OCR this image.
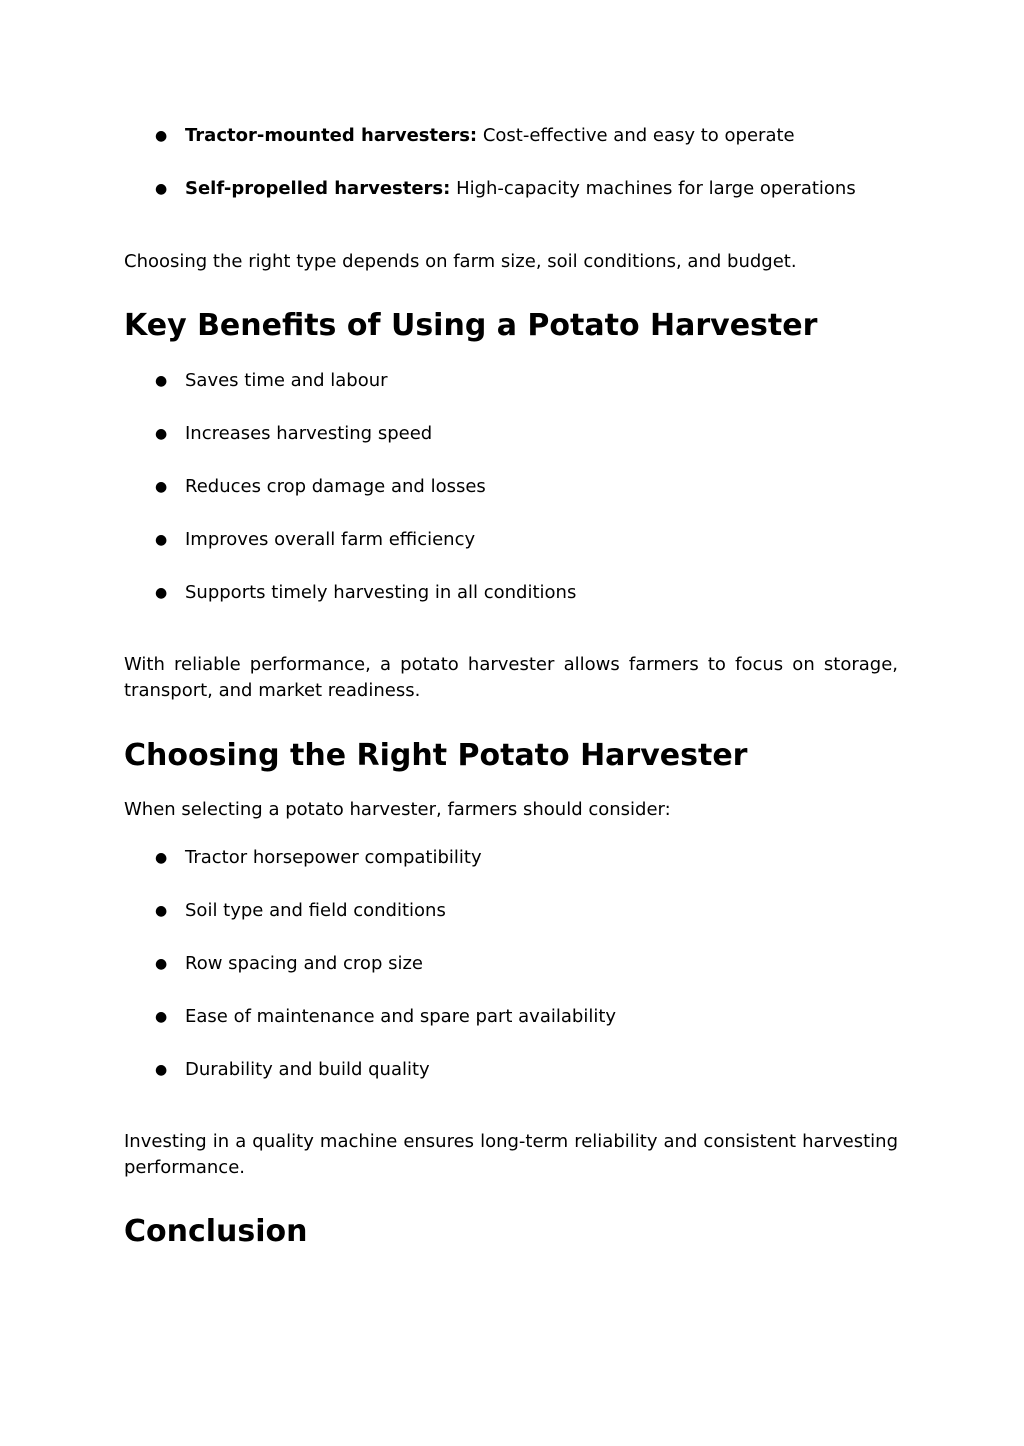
● Tractor-mounted harvesters: Cost-effective and easy to operate
● Self-propelled harvesters: High-capacity machines for large operations

Choosing the right type depends on farm size, soil conditions, and budget.

Key Benefits of Using a Potato Harvester
● Saves time and labour
● Increases harvesting speed
● Reduces crop damage and losses
● Improves overall farm efficiency
● Supports timely harvesting in all conditions

With reliable performance, a potato harvester allows farmers to focus on storage, transport, and market readiness.

Choosing the Right Potato Harvester

When selecting a potato harvester, farmers should consider:

● Tractor horsepower compatibility
● Soil type and field conditions
● Row spacing and crop size
● Ease of maintenance and spare part availability
● Durability and build quality

Investing in a quality machine ensures long-term reliability and consistent harvesting performance.

Conclusion
